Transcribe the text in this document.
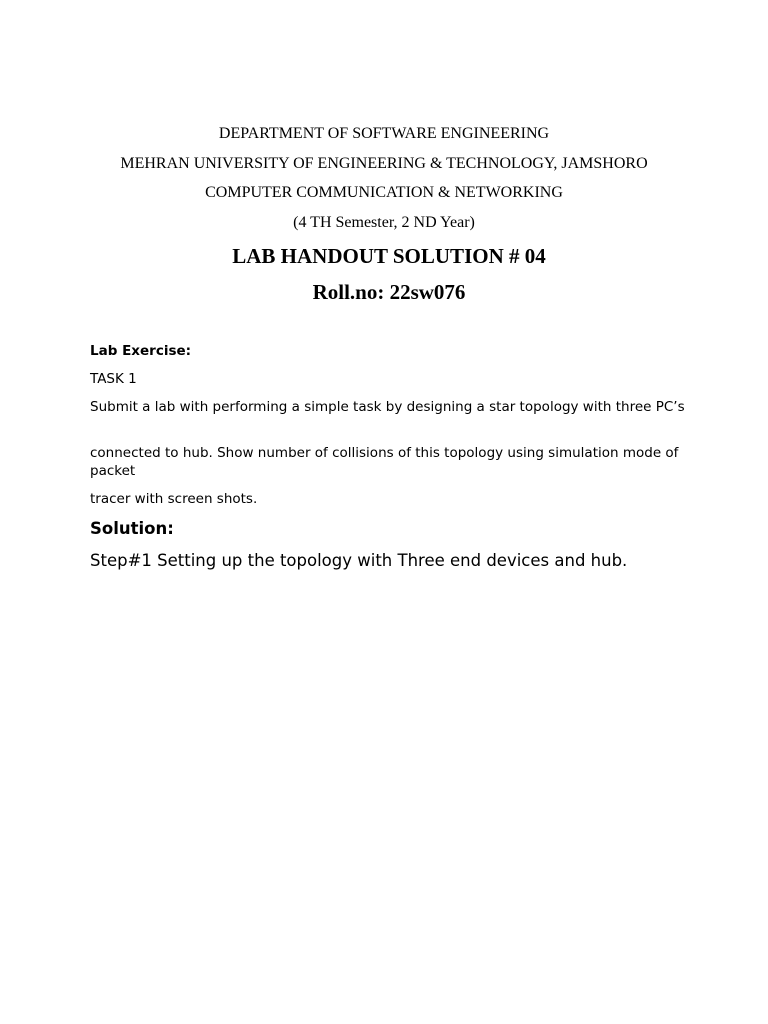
DEPARTMENT OF SOFTWARE ENGINEERING
MEHRAN UNIVERSITY OF ENGINEERING & TECHNOLOGY, JAMSHORO
COMPUTER COMMUNICATION & NETWORKING
(4 TH Semester, 2 ND Year)
LAB HANDOUT SOLUTION # 04
Roll.no: 22sw076
Lab Exercise:
TASK 1
Submit a lab with performing a simple task by designing a star topology with three PC’s
connected to hub. Show number of collisions of this topology using simulation mode of packet
tracer with screen shots.
Solution:
Step#1 Setting up the topology with Three end devices and hub.
